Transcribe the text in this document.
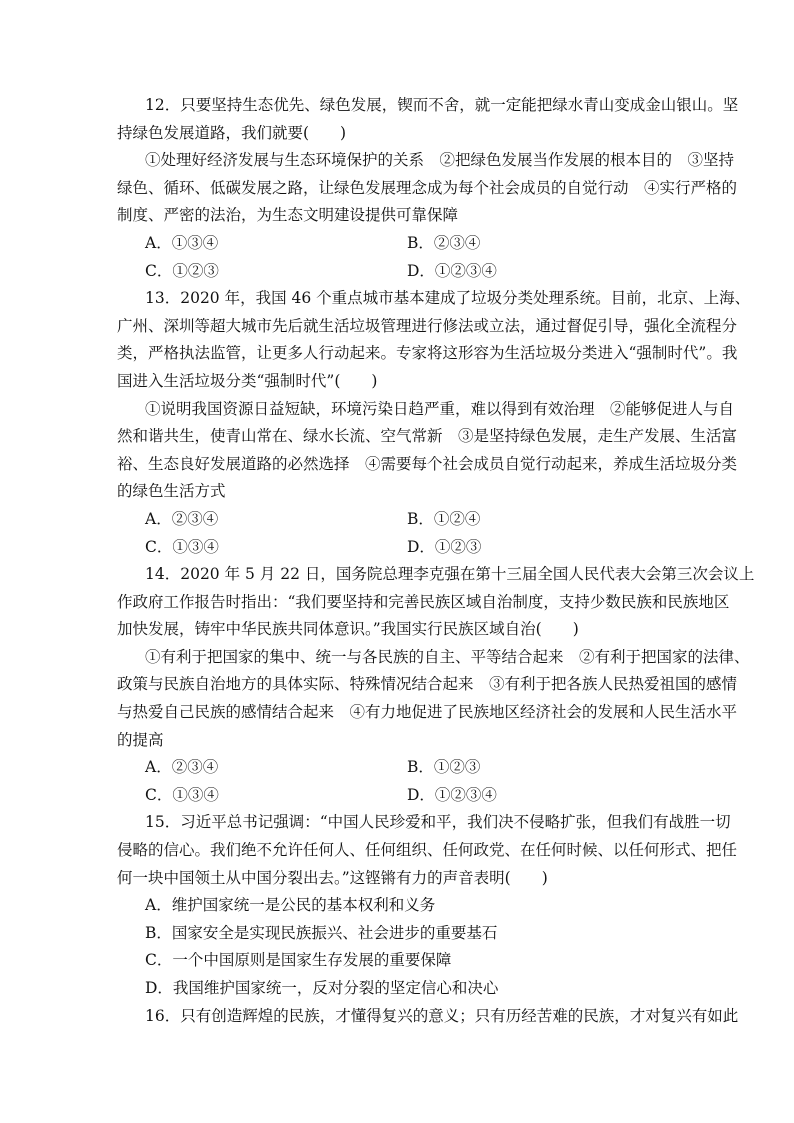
12．只要坚持生态优先、绿色发展，锲而不舍，就一定能把绿水青山变成金山银山。坚
持绿色发展道路，我们就要(　　)
①处理好经济发展与生态环境保护的关系　②把绿色发展当作发展的根本目的　③坚持
绿色、循环、低碳发展之路，让绿色发展理念成为每个社会成员的自觉行动　④实行严格的
制度、严密的法治，为生态文明建设提供可靠保障
A．①③④	B．②③④
C．①②③	D．①②③④
13．2020 年，我国 46 个重点城市基本建成了垃圾分类处理系统。目前，北京、上海、
广州、深圳等超大城市先后就生活垃圾管理进行修法或立法，通过督促引导，强化全流程分
类，严格执法监管，让更多人行动起来。专家将这形容为生活垃圾分类进入“强制时代”。我
国进入生活垃圾分类“强制时代”(　　)
①说明我国资源日益短缺，环境污染日趋严重，难以得到有效治理　②能够促进人与自
然和谐共生，使青山常在、绿水长流、空气常新　③是坚持绿色发展，走生产发展、生活富
裕、生态良好发展道路的必然选择　④需要每个社会成员自觉行动起来，养成生活垃圾分类
的绿色生活方式
A．②③④	B．①②④
C．①③④	D．①②③
14．2020 年 5 月 22 日，国务院总理李克强在第十三届全国人民代表大会第三次会议上
作政府工作报告时指出：“我们要坚持和完善民族区域自治制度，支持少数民族和民族地区
加快发展，铸牢中华民族共同体意识。”我国实行民族区域自治(　　)
①有利于把国家的集中、统一与各民族的自主、平等结合起来　②有利于把国家的法律、
政策与民族自治地方的具体实际、特殊情况结合起来　③有利于把各族人民热爱祖国的感情
与热爱自己民族的感情结合起来　④有力地促进了民族地区经济社会的发展和人民生活水平
的提高
A．②③④	B．①②③
C．①③④	D．①②③④
15．习近平总书记强调：“中国人民珍爱和平，我们决不侵略扩张，但我们有战胜一切
侵略的信心。我们绝不允许任何人、任何组织、任何政党、在任何时候、以任何形式、把任
何一块中国领土从中国分裂出去。”这铿锵有力的声音表明(　　)
A．维护国家统一是公民的基本权利和义务
B．国家安全是实现民族振兴、社会进步的重要基石
C．一个中国原则是国家生存发展的重要保障
D．我国维护国家统一，反对分裂的坚定信心和决心
16．只有创造辉煌的民族，才懂得复兴的意义；只有历经苦难的民族，才对复兴有如此
